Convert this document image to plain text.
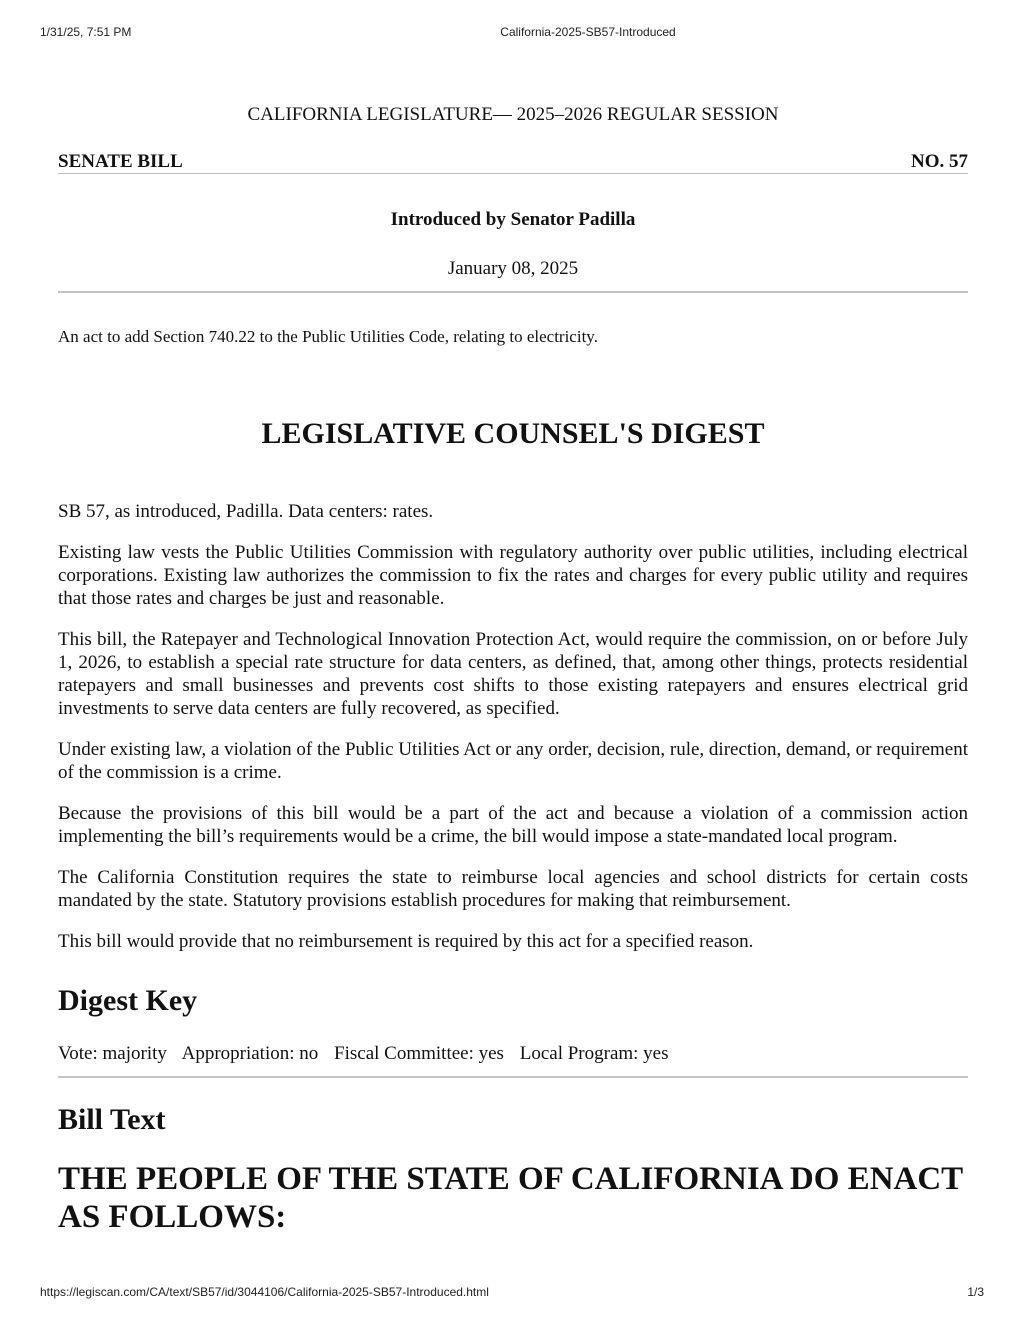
1/31/25, 7:51 PM	California-2025-SB57-Introduced
CALIFORNIA LEGISLATURE— 2025–2026 REGULAR SESSION
SENATE BILL	NO. 57
Introduced by Senator Padilla
January 08, 2025
An act to add Section 740.22 to the Public Utilities Code, relating to electricity.
LEGISLATIVE COUNSEL'S DIGEST

SB 57, as introduced, Padilla. Data centers: rates.

Existing law vests the Public Utilities Commission with regulatory authority over public utilities, including electrical corporations. Existing law authorizes the commission to fix the rates and charges for every public utility and requires that those rates and charges be just and reasonable.

This bill, the Ratepayer and Technological Innovation Protection Act, would require the commission, on or before July 1, 2026, to establish a special rate structure for data centers, as defined, that, among other things, protects residential ratepayers and small businesses and prevents cost shifts to those existing ratepayers and ensures electrical grid investments to serve data centers are fully recovered, as specified.

Under existing law, a violation of the Public Utilities Act or any order, decision, rule, direction, demand, or requirement of the commission is a crime.

Because the provisions of this bill would be a part of the act and because a violation of a commission action implementing the bill’s requirements would be a crime, the bill would impose a state-mandated local program.

The California Constitution requires the state to reimburse local agencies and school districts for certain costs mandated by the state. Statutory provisions establish procedures for making that reimbursement.

This bill would provide that no reimbursement is required by this act for a specified reason.

Digest Key
Vote: majority Appropriation: no Fiscal Committee: yes Local Program: yes
Bill Text
THE PEOPLE OF THE STATE OF CALIFORNIA DO ENACT AS FOLLOWS:
https://legiscan.com/CA/text/SB57/id/3044106/California-2025-SB57-Introduced.html	1/3
